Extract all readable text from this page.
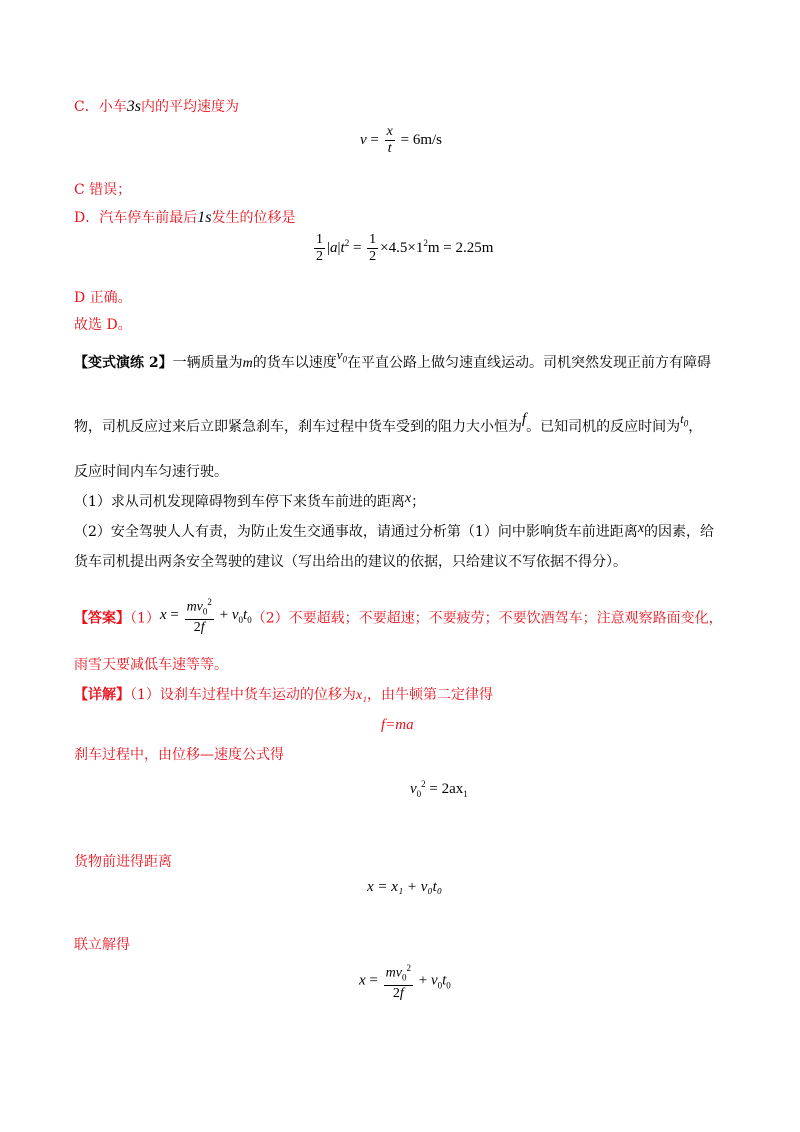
C．小车3s内的平均速度为
$v = \frac{x}{t} = 6m/s$
C 错误；
D．汽车停车前最后1s发生的位移是
$\frac{1}{2} |a|t^2 = \frac{1}{2} \times 4.5\times 1^2m = 2.25m$
D 正确。
故选 D。
【变式演练 2】一辆质量为m的货车以速度$v_0$在平直公路上做匀速直线运动。司机突然发现正前方有障碍
物，司机反应过来后立即紧急刹车，刹车过程中货车受到的阻力大小恒为f。已知司机的反应时间为$t_0$，
反应时间内车匀速行驶。
（1）求从司机发现障碍物到车停下来货车前进的距离x；
（2）安全驾驶人人有责，为防止发生交通事故，请通过分析第（1）问中影响货车前进距离x的因素，给
货车司机提出两条安全驾驶的建议（写出给出的建议的依据，只给建议不写依据不得分）。
【答案】$(1)x = \frac{mv_0^2}{2f} + v_0t_0(2)$不要超载；不要超速；不要疲劳；不要饮酒驾车；注意观察路面变化，
雨雪天要减低车速等等。
【详解】（1）设刹车过程中货车运动的位移为x₁，由牛顿第二定律得
f=ma
刹车过程中，由位移—速度公式得
$v_0^2 = 2ax_1$
货物前进得距离
x = x₁ + v₀t₀
联立解得
$x = \frac{mv_0^2}{2f} + v_0t_0$
